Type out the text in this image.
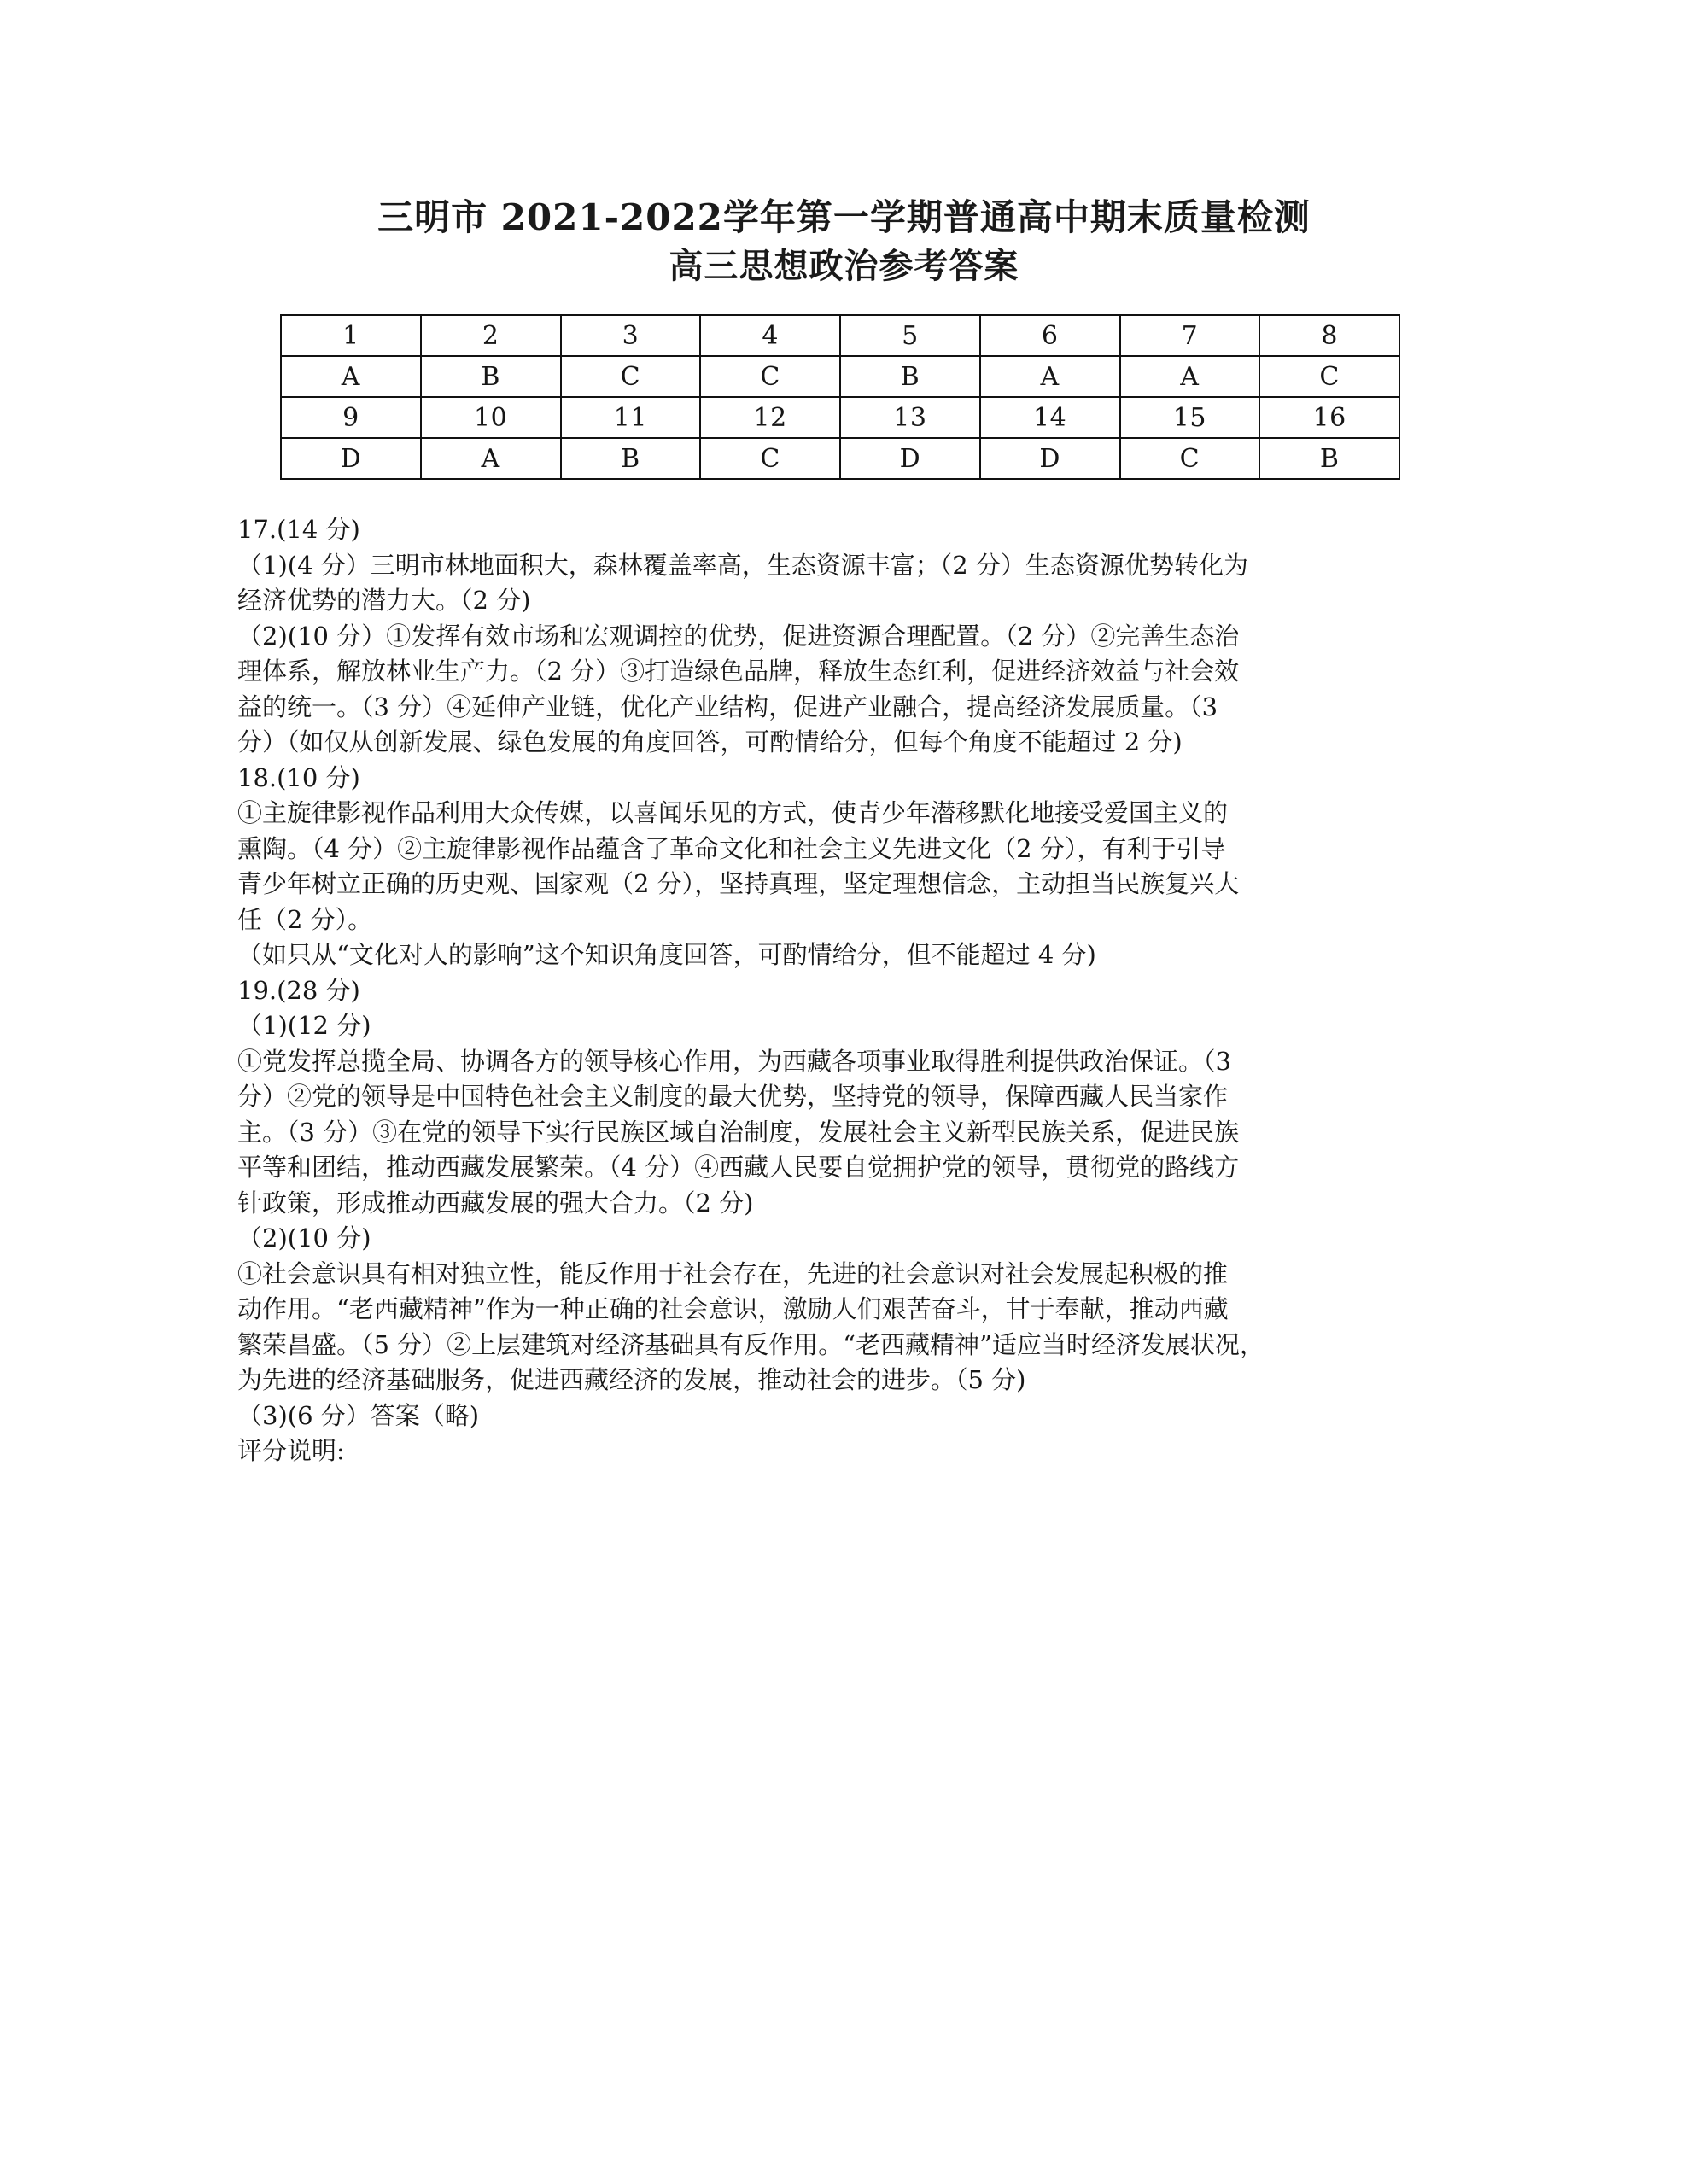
三明市 2021-2022学年第一学期普通高中期末质量检测
高三思想政治参考答案
1	2	3	4	5	6	7	8
A	B	C	C	B	A	A	C
9	10	11	12	13	14	15	16
D	A	B	C	D	D	C	B
17.(14 分)
（1)(4 分）三明市林地面积大，森林覆盖率高，生态资源丰富；（2 分）生态资源优势转化为
经济优势的潜力大。（2 分)
（2)(10 分）①发挥有效市场和宏观调控的优势，促进资源合理配置。（2 分）②完善生态治
理体系，解放林业生产力。（2 分）③打造绿色品牌，释放生态红利，促进经济效益与社会效
益的统一。（3 分）④延伸产业链，优化产业结构，促进产业融合，提高经济发展质量。（3
分）（如仅从创新发展、绿色发展的角度回答，可酌情给分，但每个角度不能超过 2 分)
18.(10 分)
①主旋律影视作品利用大众传媒，以喜闻乐见的方式，使青少年潜移默化地接受爱国主义的
熏陶。（4 分）②主旋律影视作品蕴含了革命文化和社会主义先进文化（2 分），有利于引导
青少年树立正确的历史观、国家观（2 分），坚持真理，坚定理想信念，主动担当民族复兴大
任（2 分）。
（如只从“文化对人的影响”这个知识角度回答，可酌情给分，但不能超过 4 分)
19.(28 分)
（1)(12 分)
①党发挥总揽全局、协调各方的领导核心作用，为西藏各项事业取得胜利提供政治保证。（3
分）②党的领导是中国特色社会主义制度的最大优势，坚持党的领导，保障西藏人民当家作
主。（3 分）③在党的领导下实行民族区域自治制度，发展社会主义新型民族关系，促进民族
平等和团结，推动西藏发展繁荣。（4 分）④西藏人民要自觉拥护党的领导，贯彻党的路线方
针政策，形成推动西藏发展的强大合力。（2 分)
（2)(10 分)
①社会意识具有相对独立性，能反作用于社会存在，先进的社会意识对社会发展起积极的推
动作用。“老西藏精神”作为一种正确的社会意识，激励人们艰苦奋斗，甘于奉献，推动西藏
繁荣昌盛。（5 分）②上层建筑对经济基础具有反作用。“老西藏精神”适应当时经济发展状况，
为先进的经济基础服务，促进西藏经济的发展，推动社会的进步。（5 分)
（3)(6 分）答案（略)
评分说明:
